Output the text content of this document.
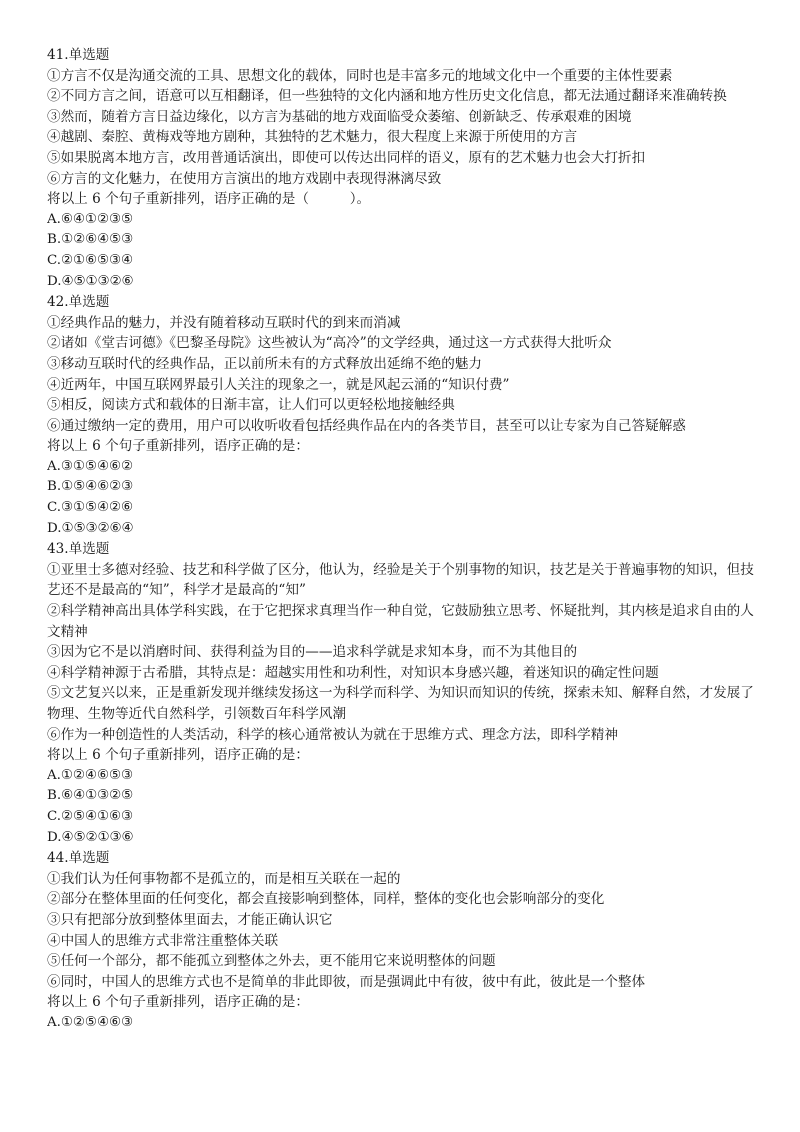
41.单选题
①方言不仅是沟通交流的工具、思想文化的载体，同时也是丰富多元的地域文化中一个重要的主体性要素
②不同方言之间，语意可以互相翻译，但一些独特的文化内涵和地方性历史文化信息，都无法通过翻译来准确转换
③然而，随着方言日益边缘化，以方言为基础的地方戏面临受众萎缩、创新缺乏、传承艰难的困境
④越剧、秦腔、黄梅戏等地方剧种，其独特的艺术魅力，很大程度上来源于所使用的方言
⑤如果脱离本地方言，改用普通话演出，即使可以传达出同样的语义，原有的艺术魅力也会大打折扣
⑥方言的文化魅力，在使用方言演出的地方戏剧中表现得淋漓尽致
将以上 6 个句子重新排列，语序正确的是（　　　）。
A.⑥④①②③⑤
B.①②⑥④⑤③
C.②①⑥⑤③④
D.④⑤①③②⑥
42.单选题
①经典作品的魅力，并没有随着移动互联时代的到来而消减
②诸如《堂吉诃德》《巴黎圣母院》这些被认为“高冷”的文学经典，通过这一方式获得大批听众
③移动互联时代的经典作品，正以前所未有的方式释放出延绵不绝的魅力
④近两年，中国互联网界最引人关注的现象之一，就是风起云涌的“知识付费”
⑤相反，阅读方式和载体的日渐丰富，让人们可以更轻松地接触经典
⑥通过缴纳一定的费用，用户可以收听收看包括经典作品在内的各类节目，甚至可以让专家为自己答疑解惑
将以上 6 个句子重新排列，语序正确的是：
A.③①⑤④⑥②
B.①⑤④⑥②③
C.③①⑤④②⑥
D.①⑤③②⑥④
43.单选题
①亚里士多德对经验、技艺和科学做了区分，他认为，经验是关于个别事物的知识，技艺是关于普遍事物的知识，但技艺还不是最高的“知”，科学才是最高的“知”
②科学精神高出具体学科实践，在于它把探求真理当作一种自觉，它鼓励独立思考、怀疑批判，其内核是追求自由的人文精神
③因为它不是以消磨时间、获得利益为目的——追求科学就是求知本身，而不为其他目的
④科学精神源于古希腊，其特点是：超越实用性和功利性，对知识本身感兴趣，着迷知识的确定性问题
⑤文艺复兴以来，正是重新发现并继续发扬这一为科学而科学、为知识而知识的传统，探索未知、解释自然，才发展了物理、生物等近代自然科学，引领数百年科学风潮
⑥作为一种创造性的人类活动，科学的核心通常被认为就在于思维方式、理念方法，即科学精神
将以上 6 个句子重新排列，语序正确的是：
A.①②④⑥⑤③
B.⑥④①③②⑤
C.②⑤④①⑥③
D.④⑤②①③⑥
44.单选题
①我们认为任何事物都不是孤立的，而是相互关联在一起的
②部分在整体里面的任何变化，都会直接影响到整体，同样，整体的变化也会影响部分的变化
③只有把部分放到整体里面去，才能正确认识它
④中国人的思维方式非常注重整体关联
⑤任何一个部分，都不能孤立到整体之外去，更不能用它来说明整体的问题
⑥同时，中国人的思维方式也不是简单的非此即彼，而是强调此中有彼，彼中有此，彼此是一个整体
将以上 6 个句子重新排列，语序正确的是：
A.①②⑤④⑥③
